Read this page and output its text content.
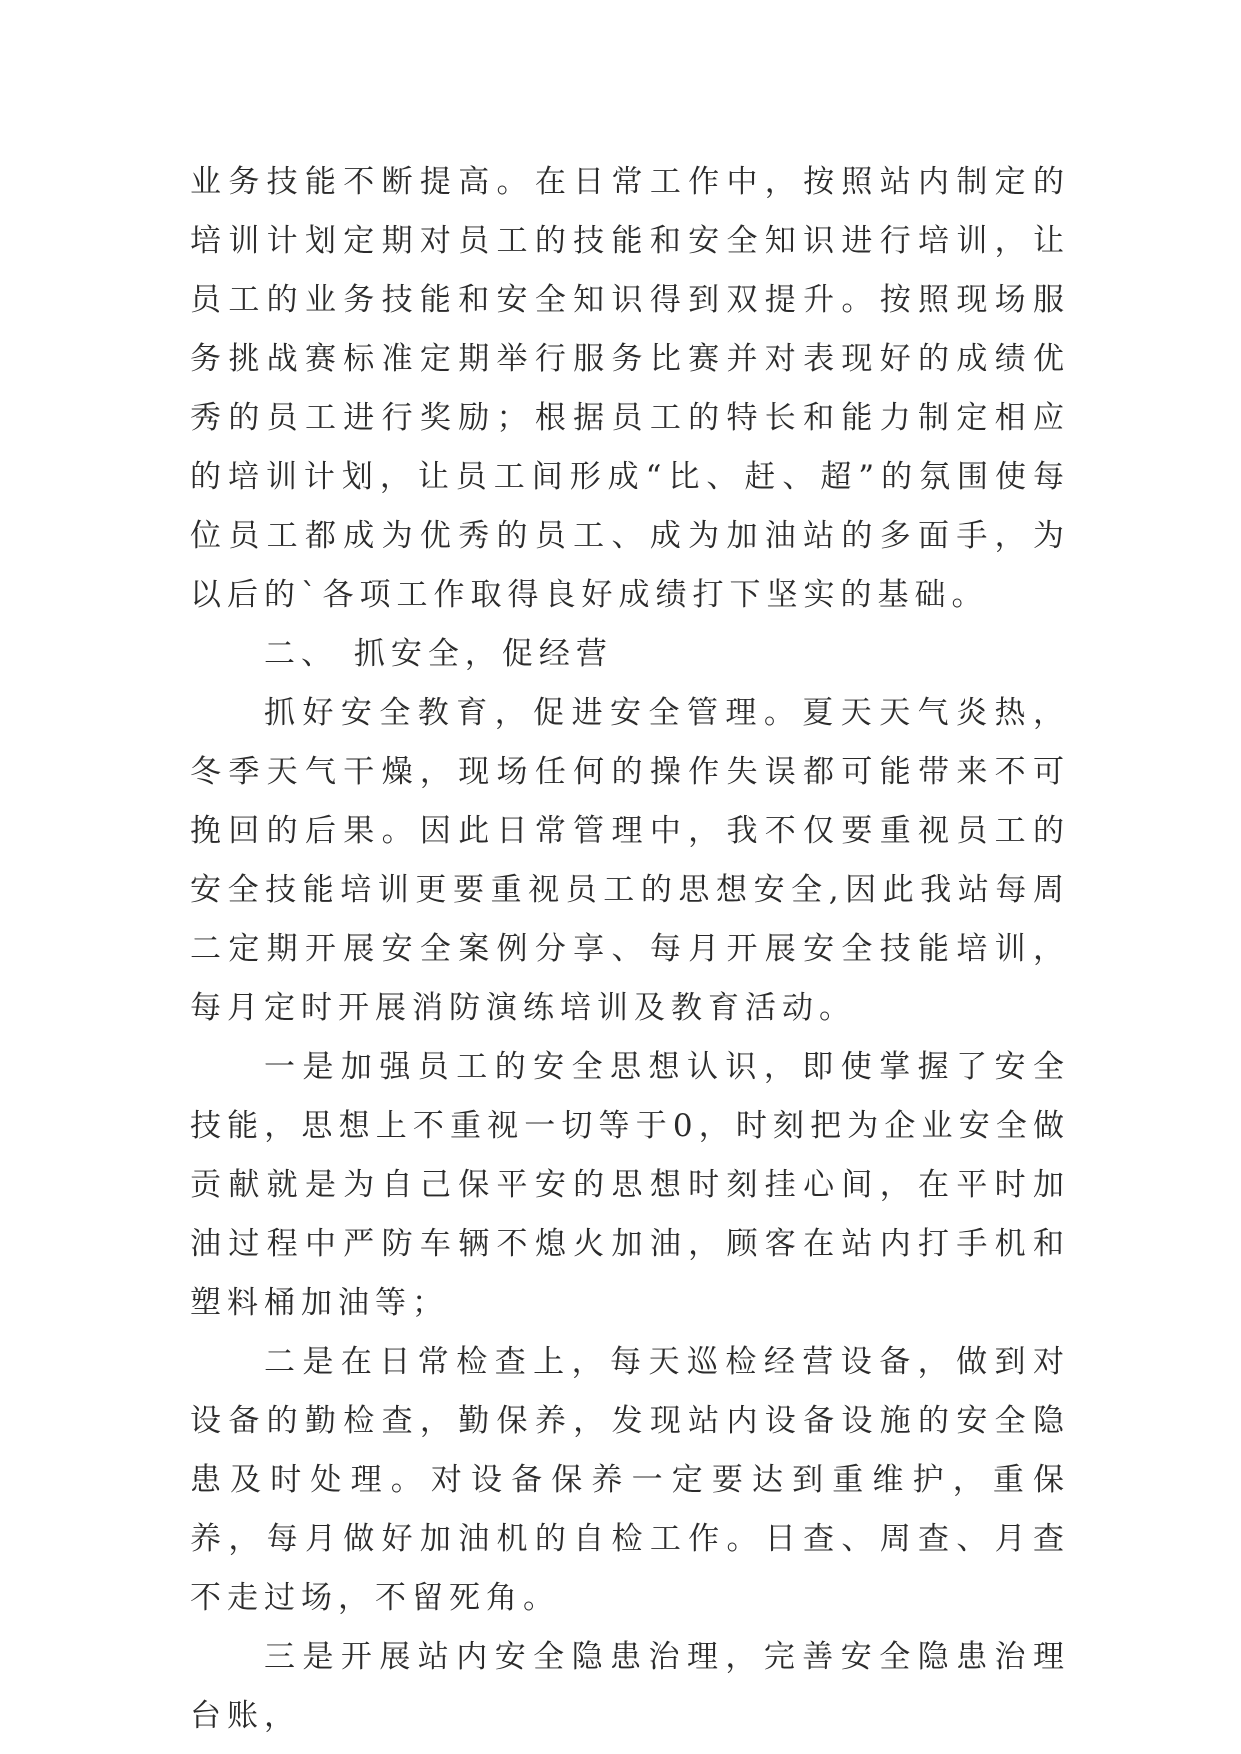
业务技能不断提高。在日常工作中，按照站内制定的培训计划定期对员工的技能和安全知识进行培训，让员工的业务技能和安全知识得到双提升。按照现场服务挑战赛标准定期举行服务比赛并对表现好的成绩优秀的员工进行奖励；根据员工的特长和能力制定相应的培训计划，让员工间形成“比、赶、超”的氛围使每位员工都成为优秀的员工、成为加油站的多面手，为以后的`各项工作取得良好成绩打下坚实的基础。

二、 抓安全，促经营

抓好安全教育，促进安全管理。夏天天气炎热，冬季天气干燥，现场任何的操作失误都可能带来不可挽回的后果。因此日常管理中，我不仅要重视员工的安全技能培训更要重视员工的思想安全,因此我站每周二定期开展安全案例分享、每月开展安全技能培训，每月定时开展消防演练培训及教育活动。

一是加强员工的安全思想认识，即使掌握了安全技能，思想上不重视一切等于0，时刻把为企业安全做贡献就是为自己保平安的思想时刻挂心间，在平时加油过程中严防车辆不熄火加油，顾客在站内打手机和塑料桶加油等；

二是在日常检查上，每天巡检经营设备，做到对设备的勤检查，勤保养，发现站内设备设施的安全隐患及时处理。对设备保养一定要达到重维护，重保养，每月做好加油机的自检工作。日查、周查、月查不走过场，不留死角。

三是开展站内安全隐患治理，完善安全隐患治理台账，
